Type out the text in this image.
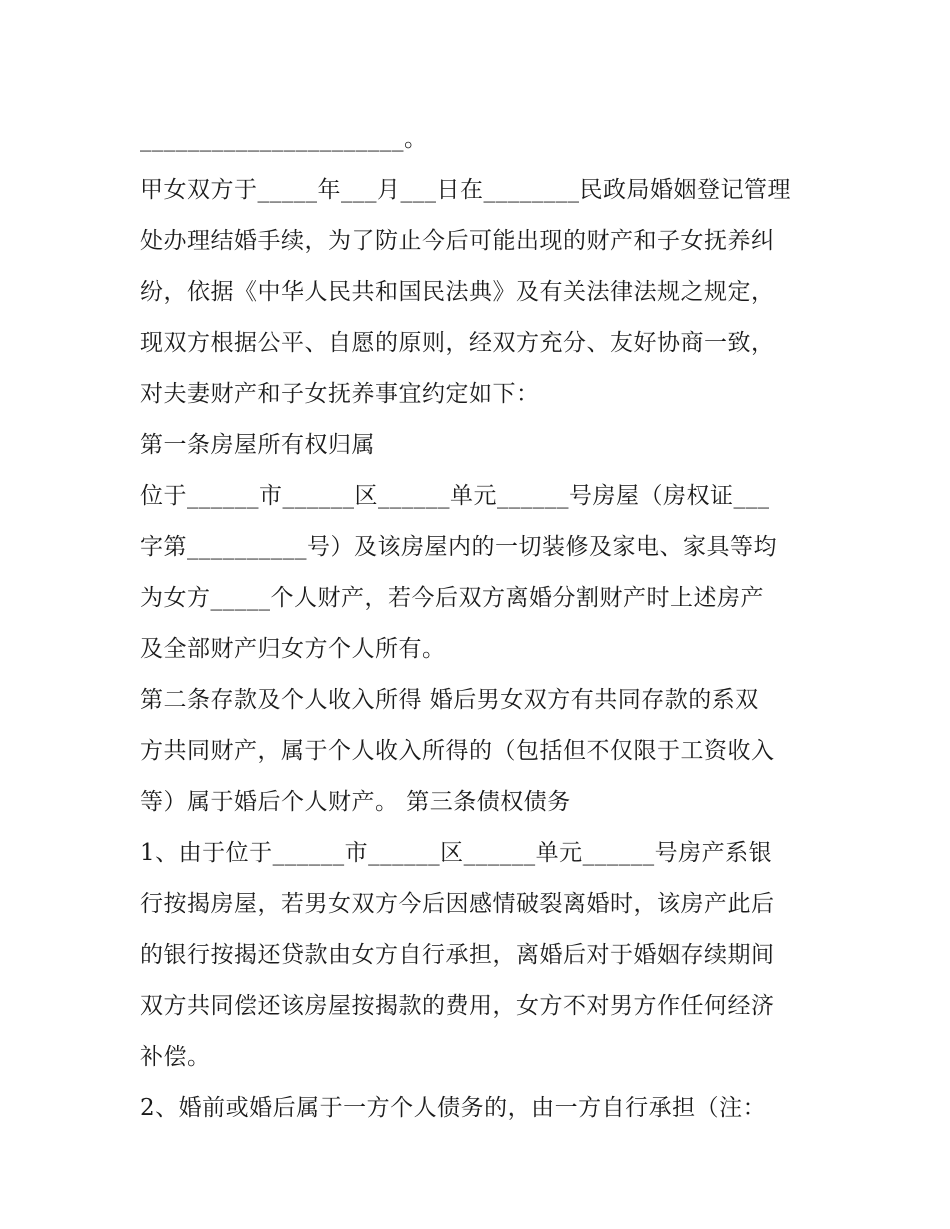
______________________。
甲女双方于_____年___月___日在________民政局婚姻登记管理
处办理结婚手续，为了防止今后可能出现的财产和子女抚养纠
纷，依据《中华人民共和国民法典》及有关法律法规之规定，
现双方根据公平、自愿的原则，经双方充分、友好协商一致，
对夫妻财产和子女抚养事宜约定如下：
第一条房屋所有权归属
位于______市______区______单元______号房屋（房权证___
字第__________号）及该房屋内的一切装修及家电、家具等均
为女方_____个人财产，若今后双方离婚分割财产时上述房产
及全部财产归女方个人所有。
第二条存款及个人收入所得 婚后男女双方有共同存款的系双
方共同财产，属于个人收入所得的（包括但不仅限于工资收入
等）属于婚后个人财产。 第三条债权债务
1、由于位于______市______区______单元______号房产系银
行按揭房屋，若男女双方今后因感情破裂离婚时，该房产此后
的银行按揭还贷款由女方自行承担，离婚后对于婚姻存续期间
双方共同偿还该房屋按揭款的费用，女方不对男方作任何经济
补偿。
2、婚前或婚后属于一方个人债务的，由一方自行承担（注：
